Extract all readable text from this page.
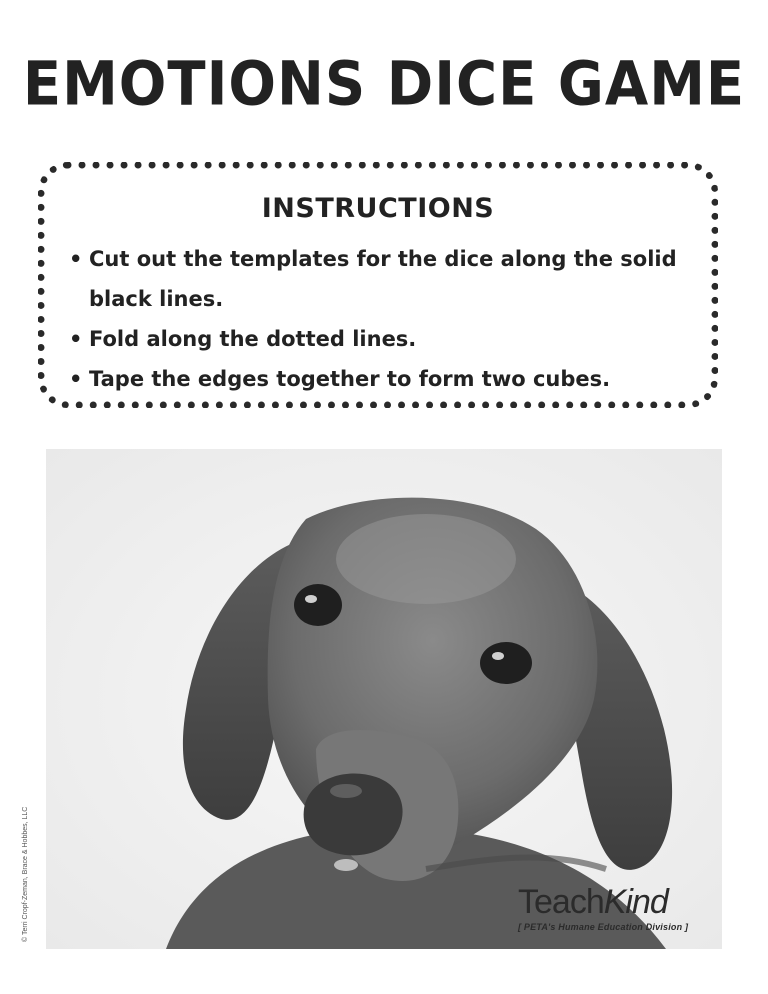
EMOTIONS DICE GAME
INSTRUCTIONS
• Cut out the templates for the dice along the solid black lines.
• Fold along the dotted lines.
• Tape the edges together to form two cubes.
© Terri Cropf-Zeman, Brace & Hobbes, LLC	TeachKind
[ PETA's Humane Education Division ]
